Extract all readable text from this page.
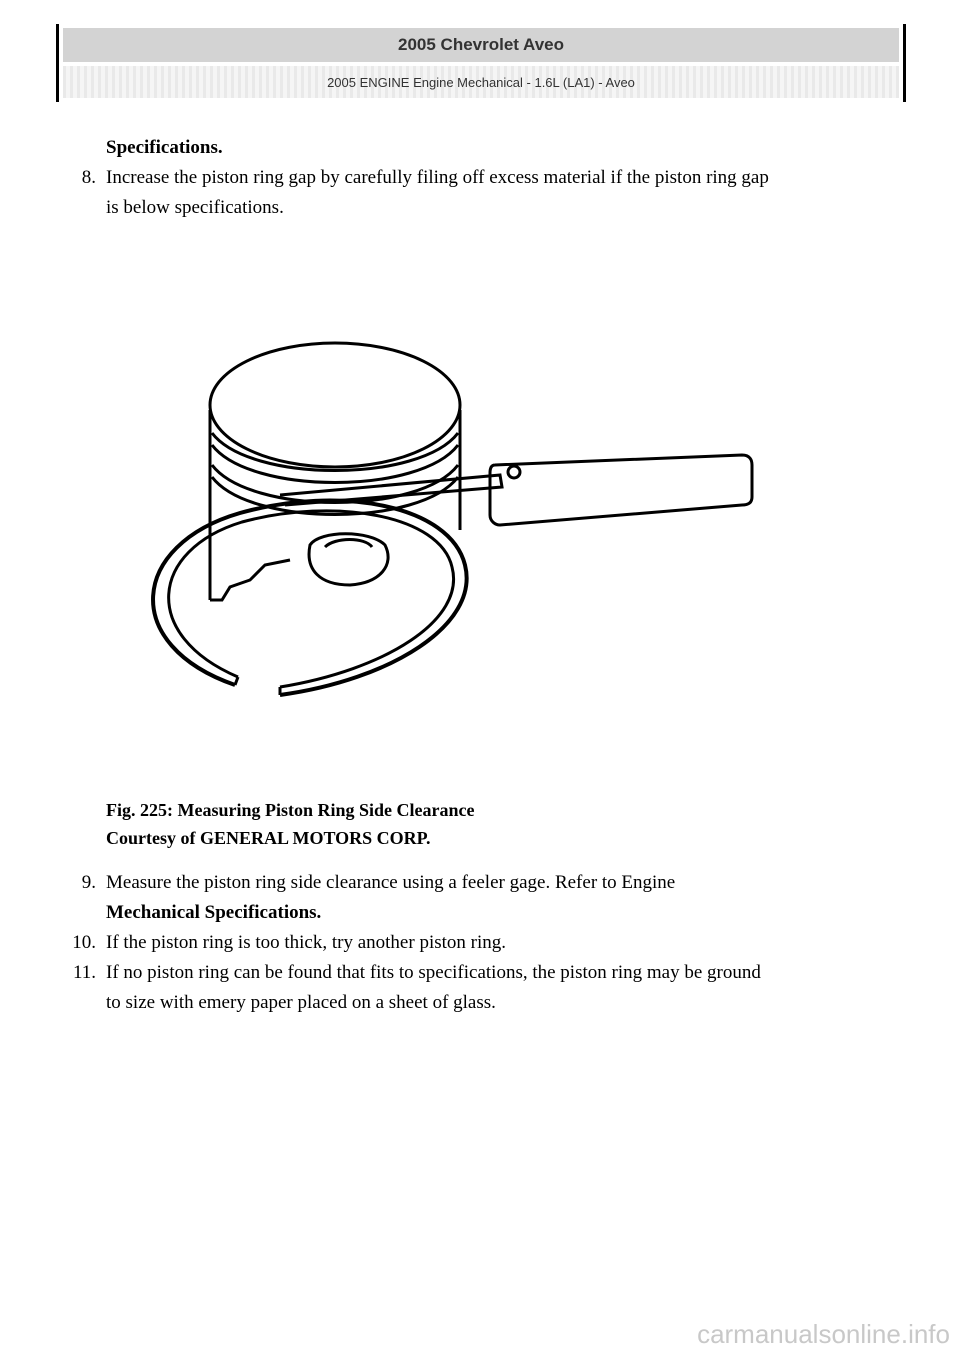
2005 Chevrolet Aveo
2005 ENGINE Engine Mechanical - 1.6L (LA1) - Aveo
Specifications.
8. Increase the piston ring gap by carefully filing off excess material if the piston ring gap
is below specifications.
Fig. 225: Measuring Piston Ring Side Clearance
Courtesy of GENERAL MOTORS CORP.
9. Measure the piston ring side clearance using a feeler gage. Refer to Engine
Mechanical Specifications.
10. If the piston ring is too thick, try another piston ring.
11. If no piston ring can be found that fits to specifications, the piston ring may be ground
to size with emery paper placed on a sheet of glass.
carmanualsonline.info
